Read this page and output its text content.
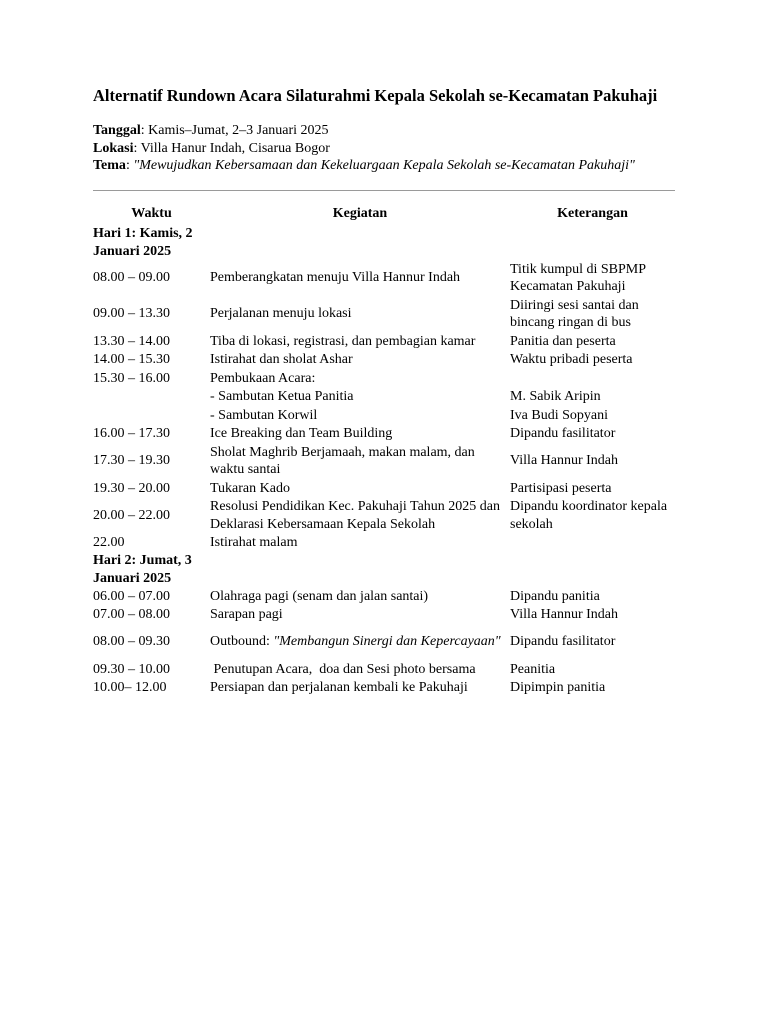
Alternatif Rundown Acara Silaturahmi Kepala Sekolah se-Kecamatan Pakuhaji
Tanggal: Kamis–Jumat, 2–3 Januari 2025
Lokasi: Villa Hanur Indah, Cisarua Bogor
Tema: "Mewujudkan Kebersamaan dan Kekeluargaan Kepala Sekolah se-Kecamatan Pakuhaji"
Waktu	Kegiatan	Keterangan
Hari 1: Kamis, 2 Januari 2025		
08.00 – 09.00	Pemberangkatan menuju Villa Hannur Indah	Titik kumpul di SBPMP Kecamatan Pakuhaji
09.00 – 13.30	Perjalanan menuju lokasi	Diiringi sesi santai dan bincang ringan di bus
13.30 – 14.00	Tiba di lokasi, registrasi, dan pembagian kamar	Panitia dan peserta
14.00 – 15.30	Istirahat dan sholat Ashar	Waktu pribadi peserta
15.30 – 16.00	Pembukaan Acara:	
	- Sambutan Ketua Panitia	M. Sabik Aripin
	- Sambutan Korwil	Iva Budi Sopyani
16.00 – 17.30	Ice Breaking dan Team Building	Dipandu fasilitator
17.30 – 19.30	Sholat Maghrib Berjamaah, makan malam, dan waktu santai	Villa Hannur Indah
19.30 – 20.00	Tukaran Kado	Partisipasi peserta
20.00 – 22.00	Resolusi Pendidikan Kec. Pakuhaji Tahun 2025 dan Deklarasi Kebersamaan Kepala Sekolah	Dipandu koordinator kepala sekolah
22.00	Istirahat malam	
Hari 2: Jumat, 3 Januari 2025		
06.00 – 07.00	Olahraga pagi (senam dan jalan santai)	Dipandu panitia
07.00 – 08.00	Sarapan pagi	Villa Hannur Indah
08.00 – 09.30	Outbound: "Membangun Sinergi dan Kepercayaan"	Dipandu fasilitator
09.30 – 10.00	Penutupan Acara,  doa dan Sesi photo bersama	Peanitia
10.00– 12.00	Persiapan dan perjalanan kembali ke Pakuhaji	Dipimpin panitia
